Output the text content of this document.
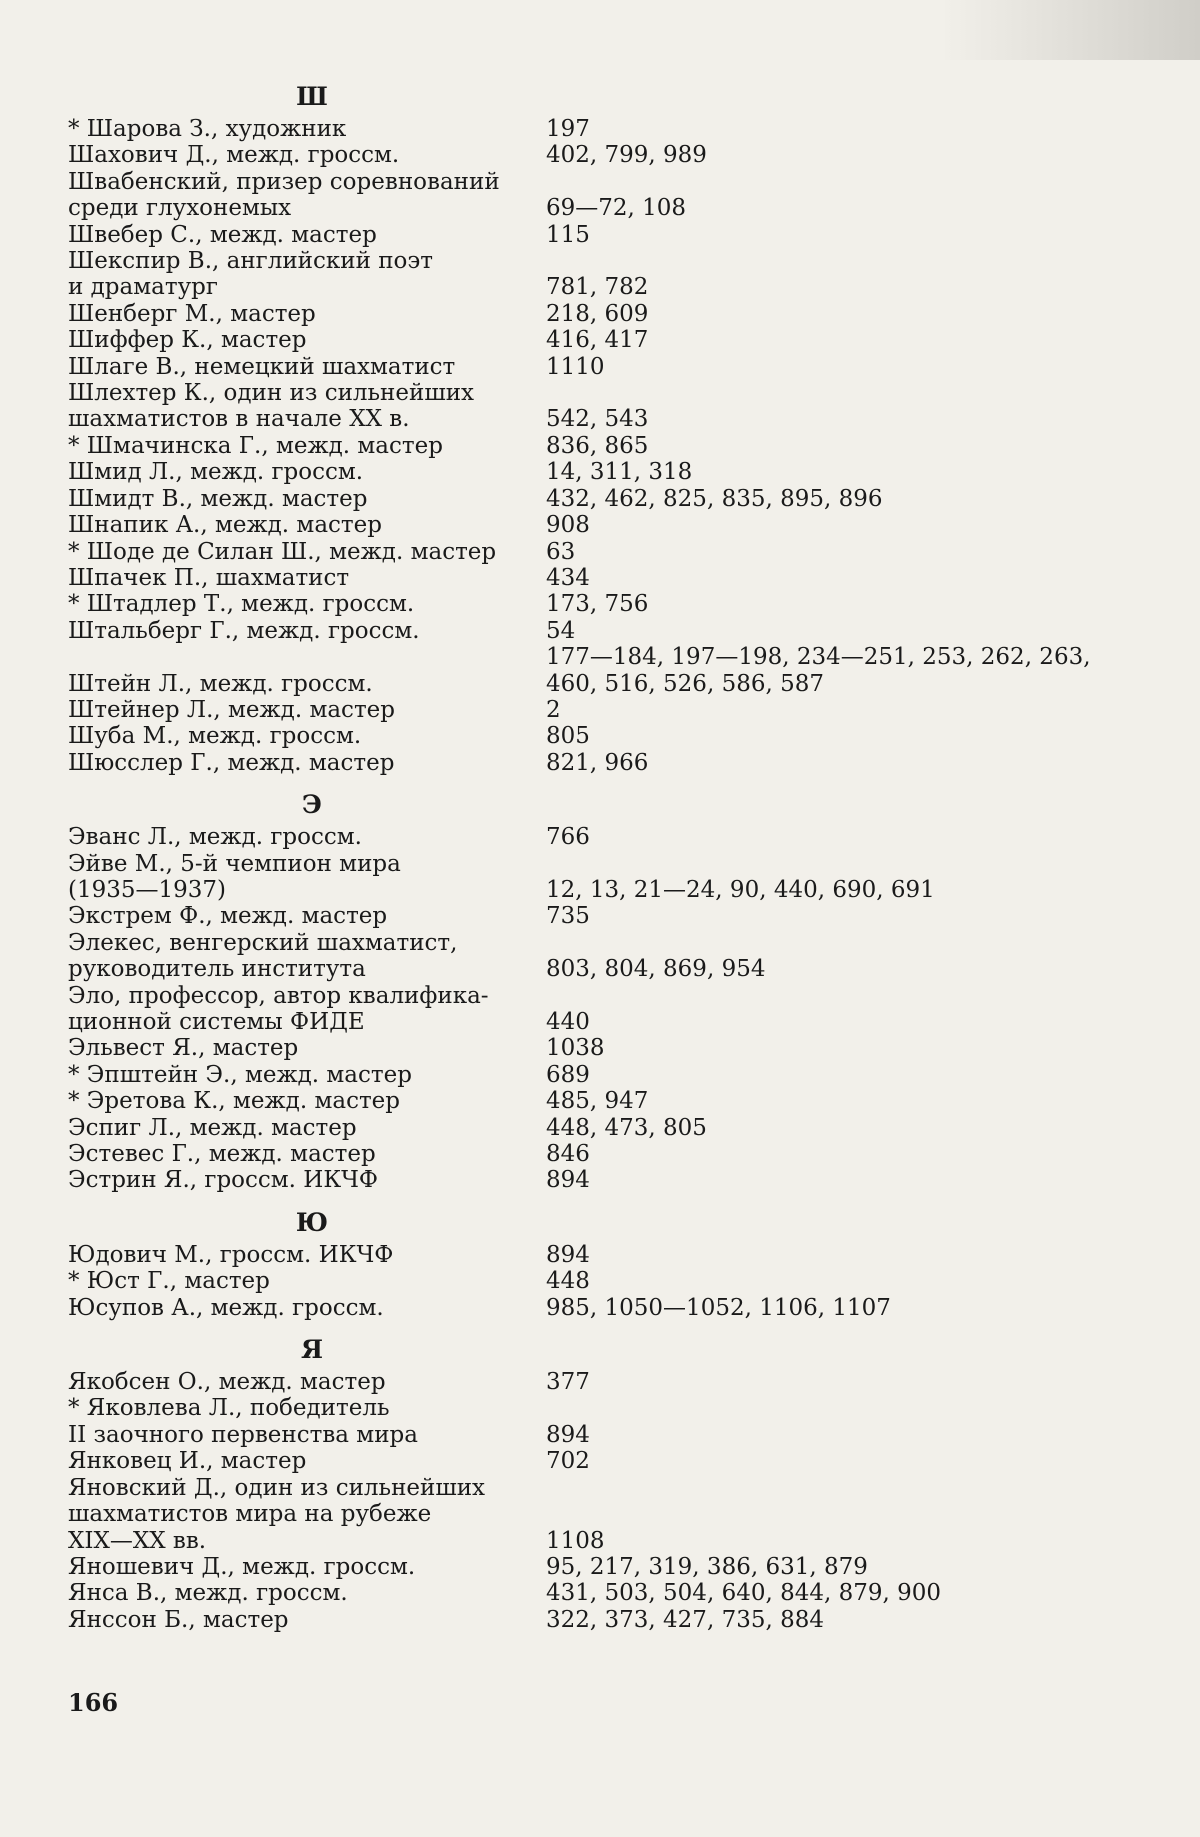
Ш
* Шарова З., художник	197
Шахович Д., межд. гроссм.	402, 799, 989
Швабенский, призер соревнований
среди глухонемых	69—72, 108
Швебер С., межд. мастер	115
Шекспир В., английский поэт
и драматург	781, 782
Шенберг М., мастер	218, 609
Шиффер К., мастер	416, 417
Шлаге В., немецкий шахматист	1110
Шлехтер К., один из сильнейших
шахматистов в начале XX в.	542, 543
* Шмачинска Г., межд. мастер	836, 865
Шмид Л., межд. гроссм.	14, 311, 318
Шмидт В., межд. мастер	432, 462, 825, 835, 895, 896
Шнапик А., межд. мастер	908
* Шоде де Силан Ш., межд. мастер	63
Шпачек П., шахматист	434
* Штадлер Т., межд. гроссм.	173, 756
Штальберг Г., межд. гроссм.	54
Штейн Л., межд. гроссм.
177—184, 197—198, 234—251, 253, 262, 263,
460, 516, 526, 586, 587
Штейнер Л., межд. мастер	2
Шуба М., межд. гроссм.	805
Шюсслер Г., межд. мастер	821, 966
Э
Эванс Л., межд. гроссм.	766
Эйве М., 5-й чемпион мира
(1935—1937)	12, 13, 21—24, 90, 440, 690, 691
Экстрем Ф., межд. мастер	735
Элекес, венгерский шахматист,
руководитель института	803, 804, 869, 954
Эло, профессор, автор квалифика-
ционной системы ФИДЕ	440
Эльвест Я., мастер	1038
* Эпштейн Э., межд. мастер	689
* Эретова К., межд. мастер	485, 947
Эспиг Л., межд. мастер	448, 473, 805
Эстевес Г., межд. мастер	846
Эстрин Я., гроссм. ИКЧФ	894
Ю
Юдович М., гроссм. ИКЧФ	894
* Юст Г., мастер	448
Юсупов А., межд. гроссм.	985, 1050—1052, 1106, 1107
Я
Якобсен О., межд. мастер	377
* Яковлева Л., победитель
II заочного первенства мира	894
Янковец И., мастер	702
Яновский Д., один из сильнейших
шахматистов мира на рубеже
XIX—XX вв.	1108
Яношевич Д., межд. гроссм.	95, 217, 319, 386, 631, 879
Янса В., межд. гроссм.	431, 503, 504, 640, 844, 879, 900
Янссон Б., мастер	322, 373, 427, 735, 884
166
